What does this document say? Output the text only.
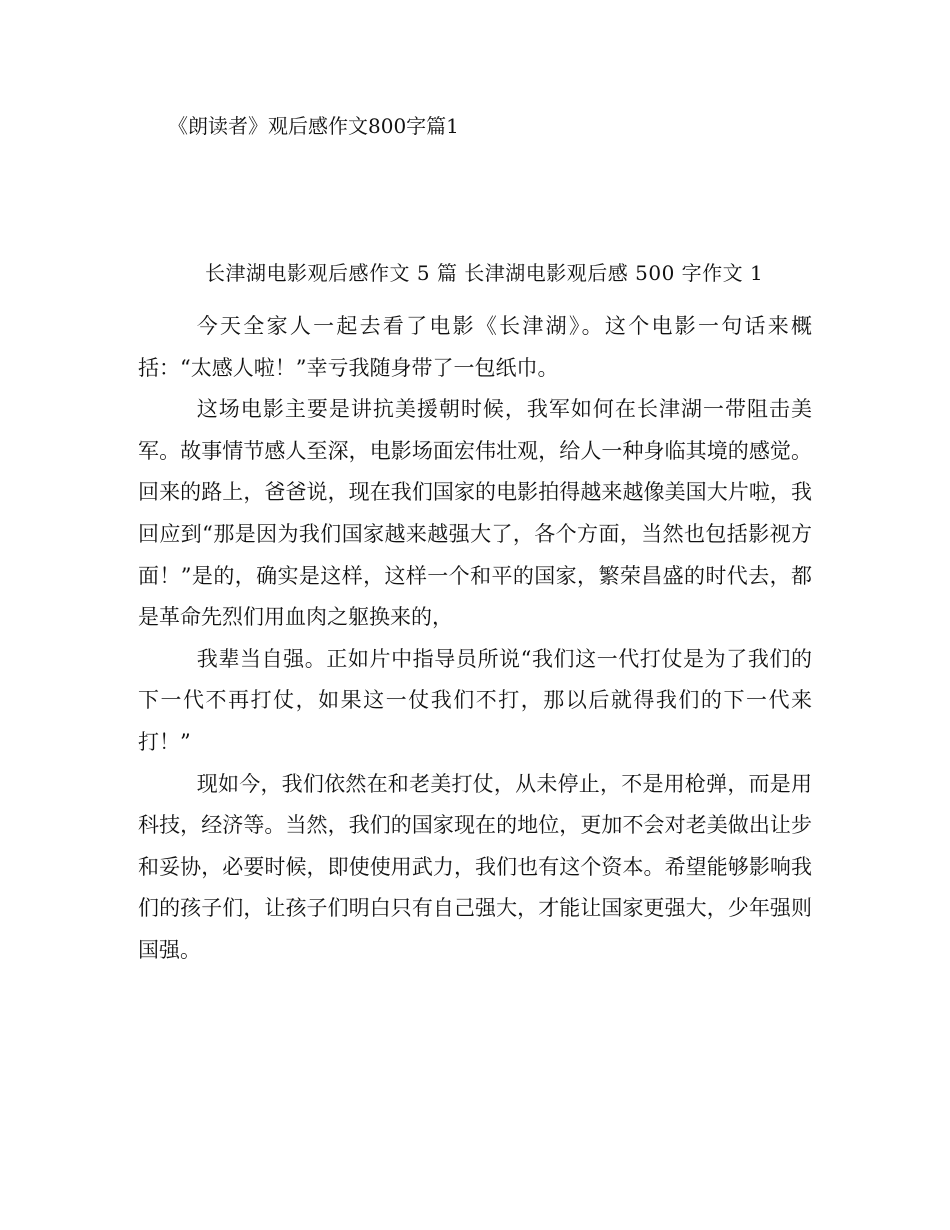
《朗读者》观后感作文800字篇1
长津湖电影观后感作文 5 篇 长津湖电影观后感 500 字作文 1

今天全家人一起去看了电影《长津湖》。这个电影一句话来概括：“太感人啦！”幸亏我随身带了一包纸巾。

这场电影主要是讲抗美援朝时候，我军如何在长津湖一带阻击美军。故事情节感人至深，电影场面宏伟壮观，给人一种身临其境的感觉。回来的路上，爸爸说，现在我们国家的电影拍得越来越像美国大片啦，我回应到“那是因为我们国家越来越强大了，各个方面，当然也包括影视方面！”是的，确实是这样，这样一个和平的国家，繁荣昌盛的时代去，都是革命先烈们用血肉之躯换来的，

我辈当自强。正如片中指导员所说“我们这一代打仗是为了我们的下一代不再打仗，如果这一仗我们不打，那以后就得我们的下一代来打！”

现如今，我们依然在和老美打仗，从未停止，不是用枪弹，而是用科技，经济等。当然，我们的国家现在的地位，更加不会对老美做出让步和妥协，必要时候，即使使用武力，我们也有这个资本。希望能够影响我们的孩子们，让孩子们明白只有自己强大，才能让国家更强大，少年强则国强。
